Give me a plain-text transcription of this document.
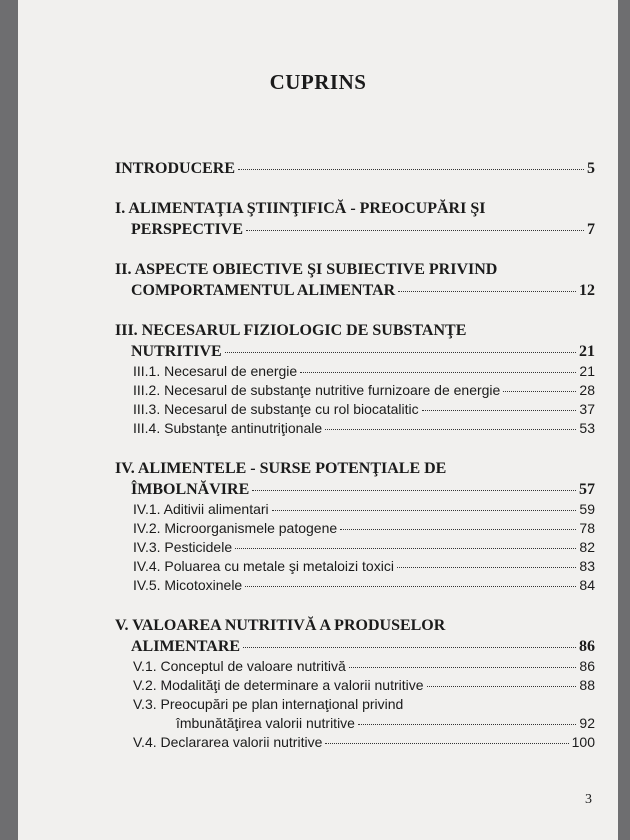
CUPRINS
INTRODUCERE	5
I. ALIMENTAŢIA ŞTIINŢIFICĂ - PREOCUPĂRI ŞI
PERSPECTIVE	7
II. ASPECTE OBIECTIVE ŞI SUBIECTIVE PRIVIND
COMPORTAMENTUL ALIMENTAR	12
III. NECESARUL FIZIOLOGIC DE SUBSTANŢE
NUTRITIVE	21
III.1. Necesarul de energie	21
III.2. Necesarul de substanţe nutritive furnizoare de energie	28
III.3. Necesarul de substanţe cu rol biocatalitic	37
III.4. Substanţe antinutriţionale	53
IV. ALIMENTELE - SURSE POTENŢIALE DE
ÎMBOLNĂVIRE	57
IV.1. Aditivii alimentari	59
IV.2. Microorganismele patogene	78
IV.3. Pesticidele	82
IV.4. Poluarea cu metale şi metaloizi toxici	83
IV.5. Micotoxinele	84
V. VALOAREA NUTRITIVĂ A PRODUSELOR
ALIMENTARE	86
V.1. Conceptul de valoare nutritivă	86
V.2. Modalităţi de determinare a valorii nutritive	88
V.3. Preocupări pe plan internaţional privind
îmbunătăţirea valorii nutritive	92
V.4. Declararea valorii nutritive	100
3
